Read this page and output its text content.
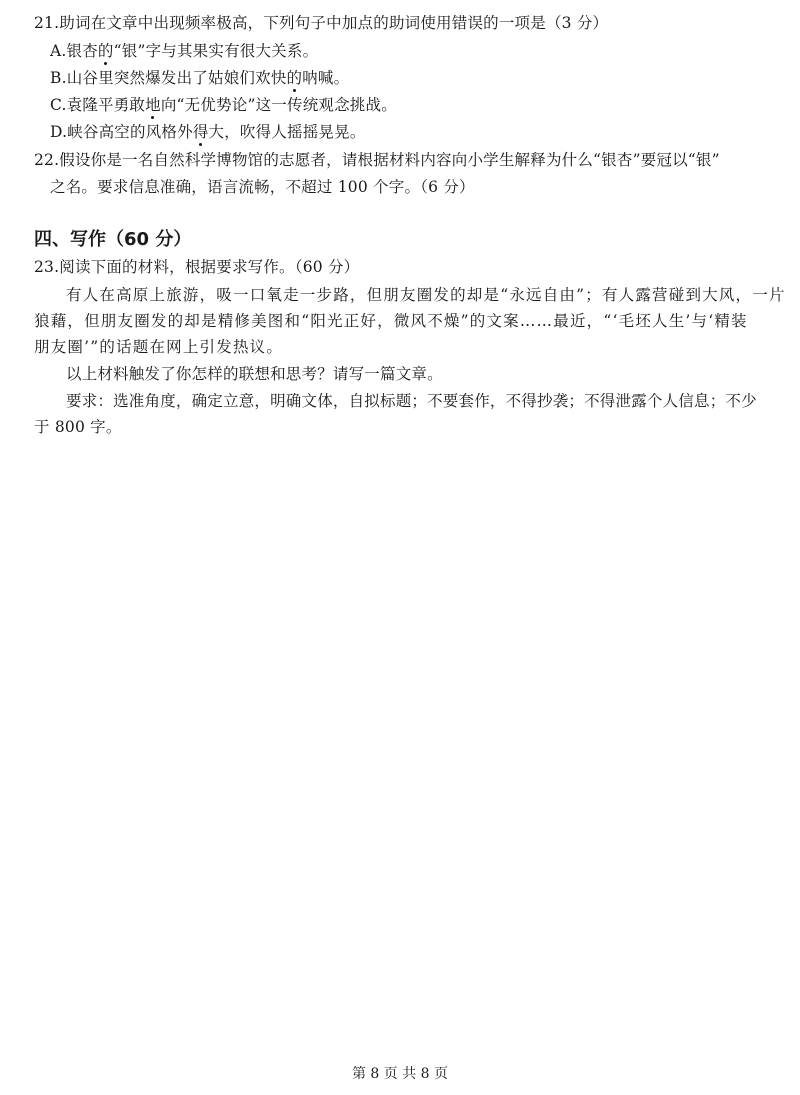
21.助词在文章中出现频率极高，下列句子中加点的助词使用错误的一项是（3 分）
A.银杏的“银”字与其果实有很大关系。
B.山谷里突然爆发出了姑娘们欢快的呐喊。
C.袁隆平勇敢地向“无优势论”这一传统观念挑战。
D.峡谷高空的风格外得大，吹得人摇摇晃晃。
22.假设你是一名自然科学博物馆的志愿者，请根据材料内容向小学生解释为什么“银杏”要冠以“银”
之名。要求信息准确，语言流畅，不超过 100 个字。（6 分）
四、写作（60 分）
23.阅读下面的材料，根据要求写作。（60 分）
有人在高原上旅游，吸一口氧走一步路，但朋友圈发的却是“永远自由”；有人露营碰到大风，一片
狼藉，但朋友圈发的却是精修美图和“阳光正好，微风不燥”的文案……最近，“‘毛坯人生’与‘精装
朋友圈’”的话题在网上引发热议。
以上材料触发了你怎样的联想和思考？请写一篇文章。
要求：选准角度，确定立意，明确文体，自拟标题；不要套作，不得抄袭；不得泄露个人信息；不少
于 800 字。
第 8 页 共 8 页
